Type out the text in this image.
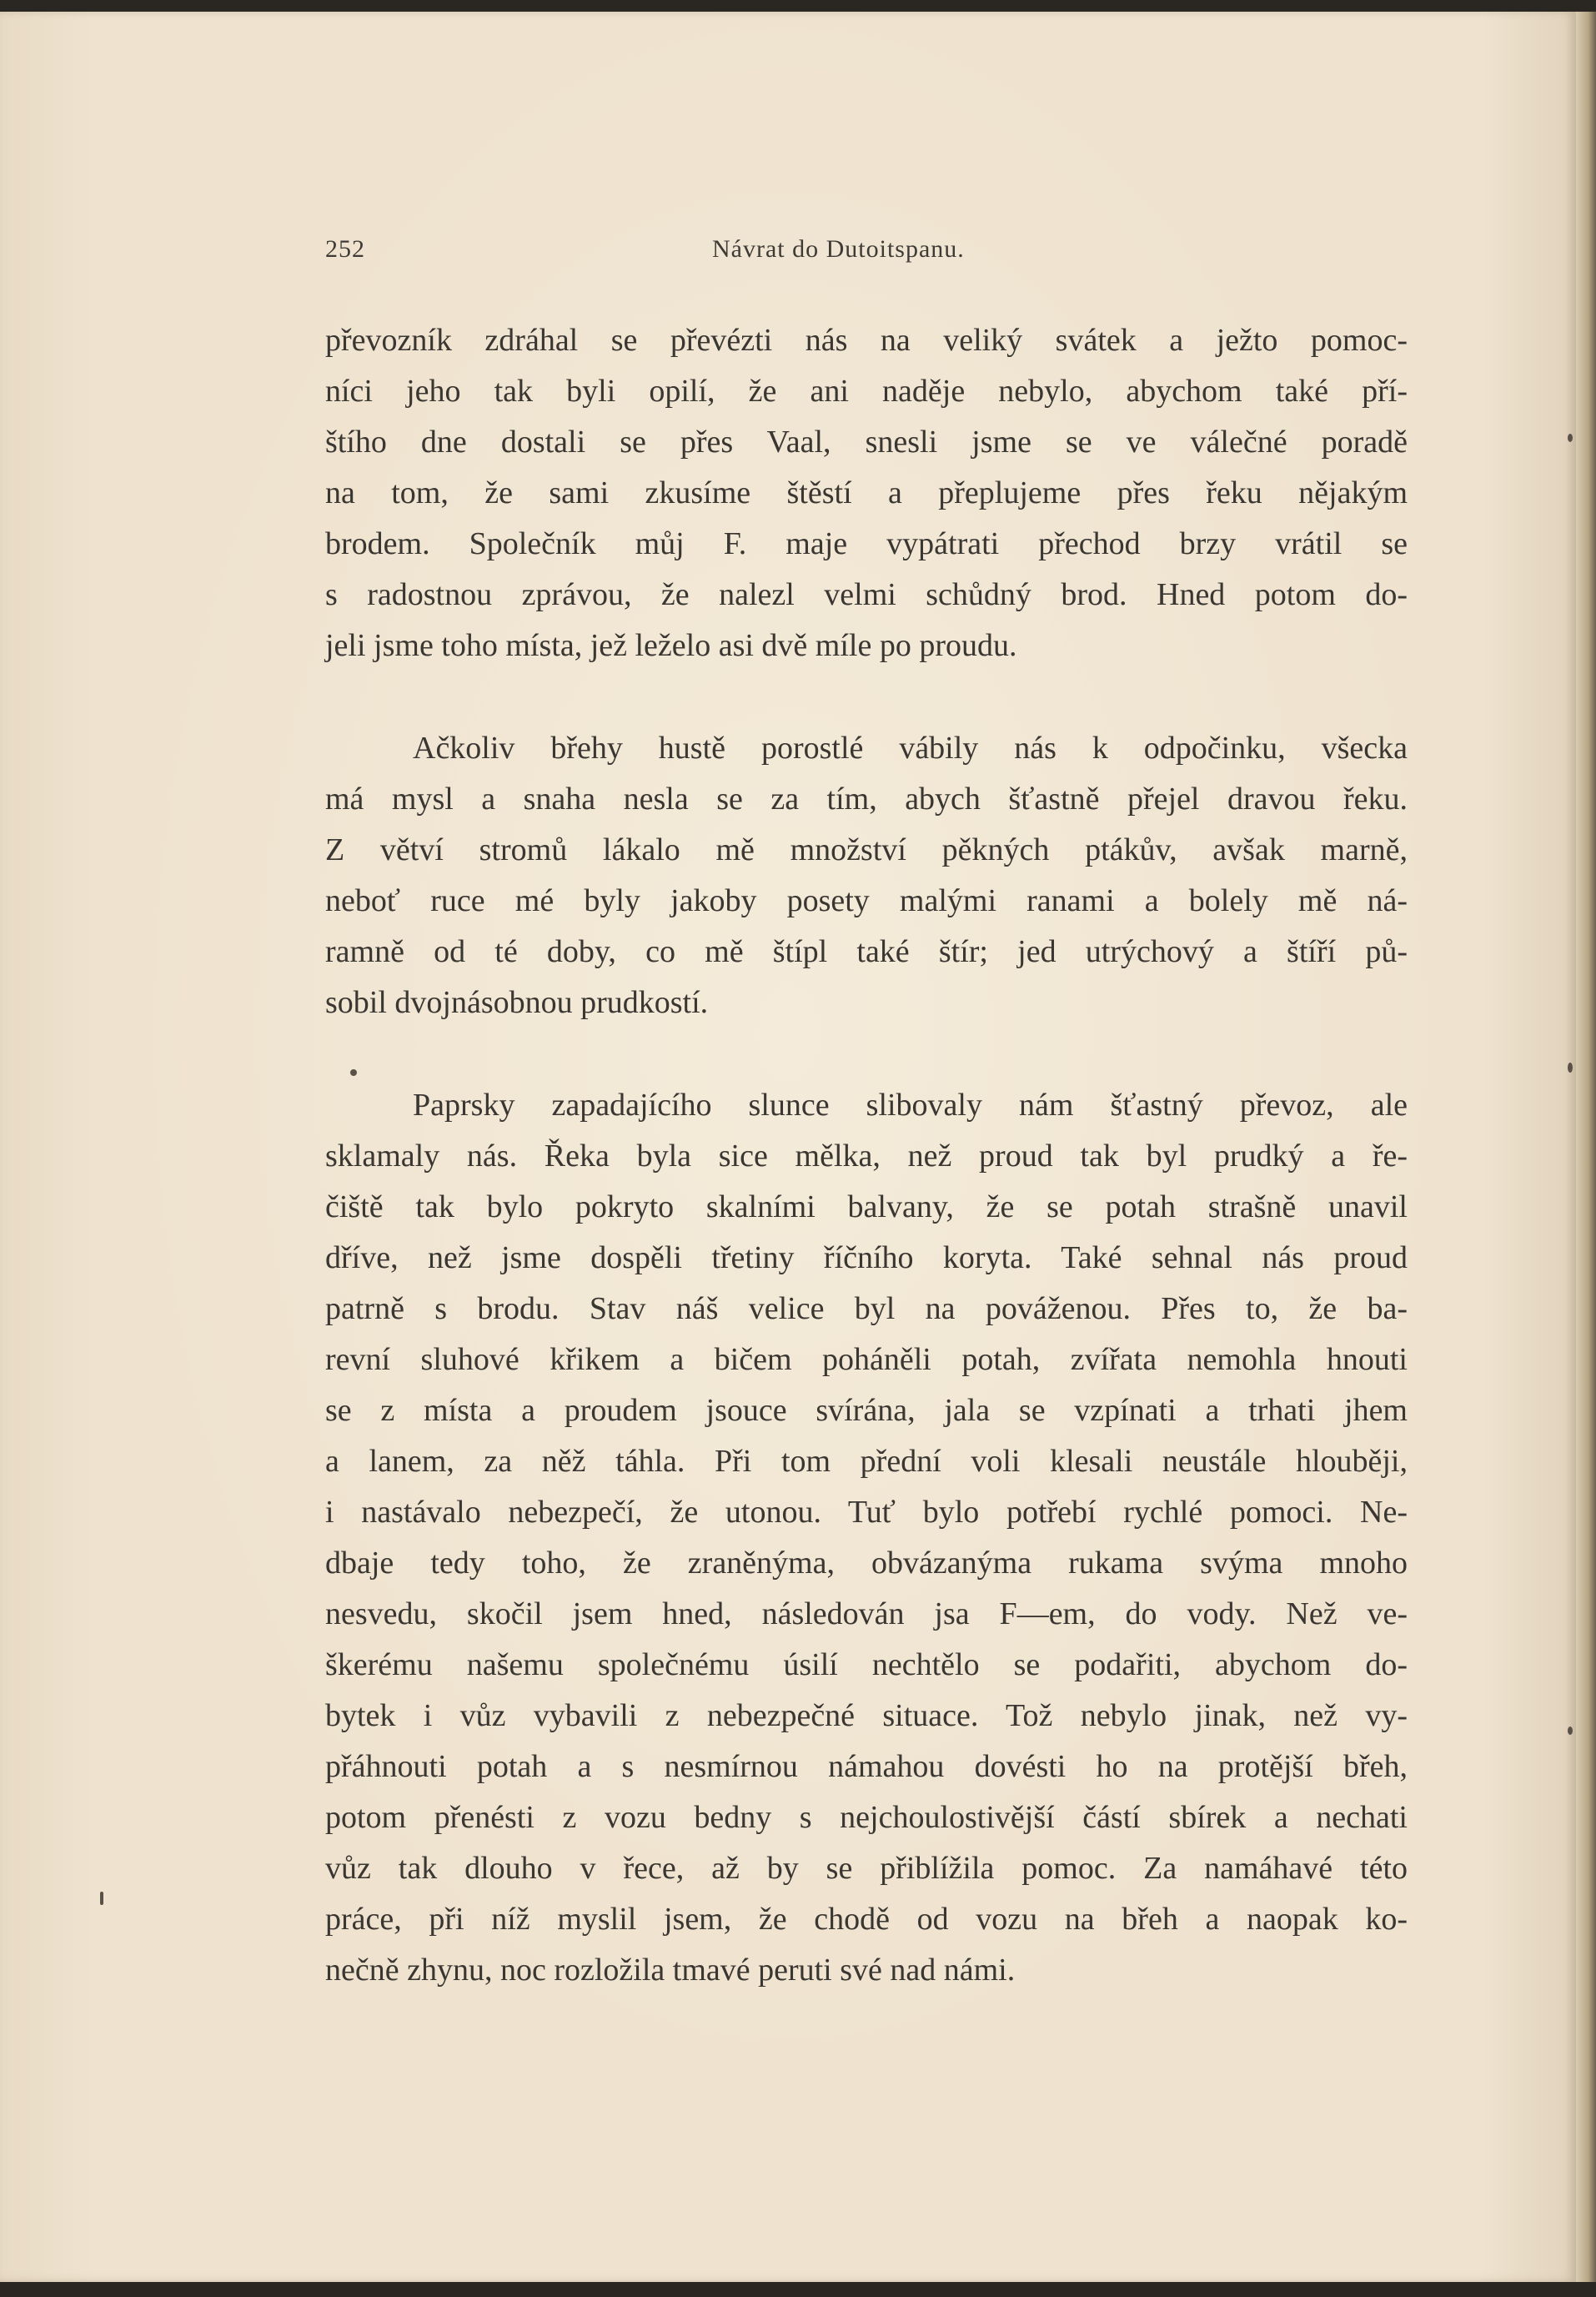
252	Návrat do Dutoitspanu.
převozník zdráhal se převézti nás na veliký svátek a ježto pomoc-
níci jeho tak byli opilí, že ani naděje nebylo, abychom také pří-
štího dne dostali se přes Vaal, snesli jsme se ve válečné poradě
na tom, že sami zkusíme štěstí a přeplujeme přes řeku nějakým
brodem. Společník můj F. maje vypátrati přechod brzy vrátil se
s radostnou zprávou, že nalezl velmi schůdný brod. Hned potom do-
jeli jsme toho místa, jež leželo asi dvě míle po proudu.
Ačkoliv břehy hustě porostlé vábily nás k odpočinku, všecka
má mysl a snaha nesla se za tím, abych šťastně přejel dravou řeku.
Z větví stromů lákalo mě množství pěkných ptákův, avšak marně,
neboť ruce mé byly jakoby posety malými ranami a bolely mě ná-
ramně od té doby, co mě štípl také štír; jed utrýchový a štíří pů-
sobil dvojnásobnou prudkostí.
Paprsky zapadajícího slunce slibovaly nám šťastný převoz, ale
sklamaly nás. Řeka byla sice mělka, než proud tak byl prudký a ře-
čiště tak bylo pokryto skalními balvany, že se potah strašně unavil
dříve, než jsme dospěli třetiny říčního koryta. Také sehnal nás proud
patrně s brodu. Stav náš velice byl na pováženou. Přes to, že ba-
revní sluhové křikem a bičem poháněli potah, zvířata nemohla hnouti
se z místa a proudem jsouce svírána, jala se vzpínati a trhati jhem
a lanem, za něž táhla. Při tom přední voli klesali neustále hlouběji,
i nastávalo nebezpečí, že utonou. Tuť bylo potřebí rychlé pomoci. Ne-
dbaje tedy toho, že zraněnýma, obvázanýma rukama svýma mnoho
nesvedu, skočil jsem hned, následován jsa F—em, do vody. Než ve-
škerému našemu společnému úsilí nechtělo se podařiti, abychom do-
bytek i vůz vybavili z nebezpečné situace. Tož nebylo jinak, než vy-
přáhnouti potah a s nesmírnou námahou dovésti ho na protější břeh,
potom přenésti z vozu bedny s nejchoulostivější částí sbírek a nechati
vůz tak dlouho v řece, až by se přiblížila pomoc. Za namáhavé této
práce, při níž myslil jsem, že chodě od vozu na břeh a naopak ko-
nečně zhynu, noc rozložila tmavé peruti své nad námi.
